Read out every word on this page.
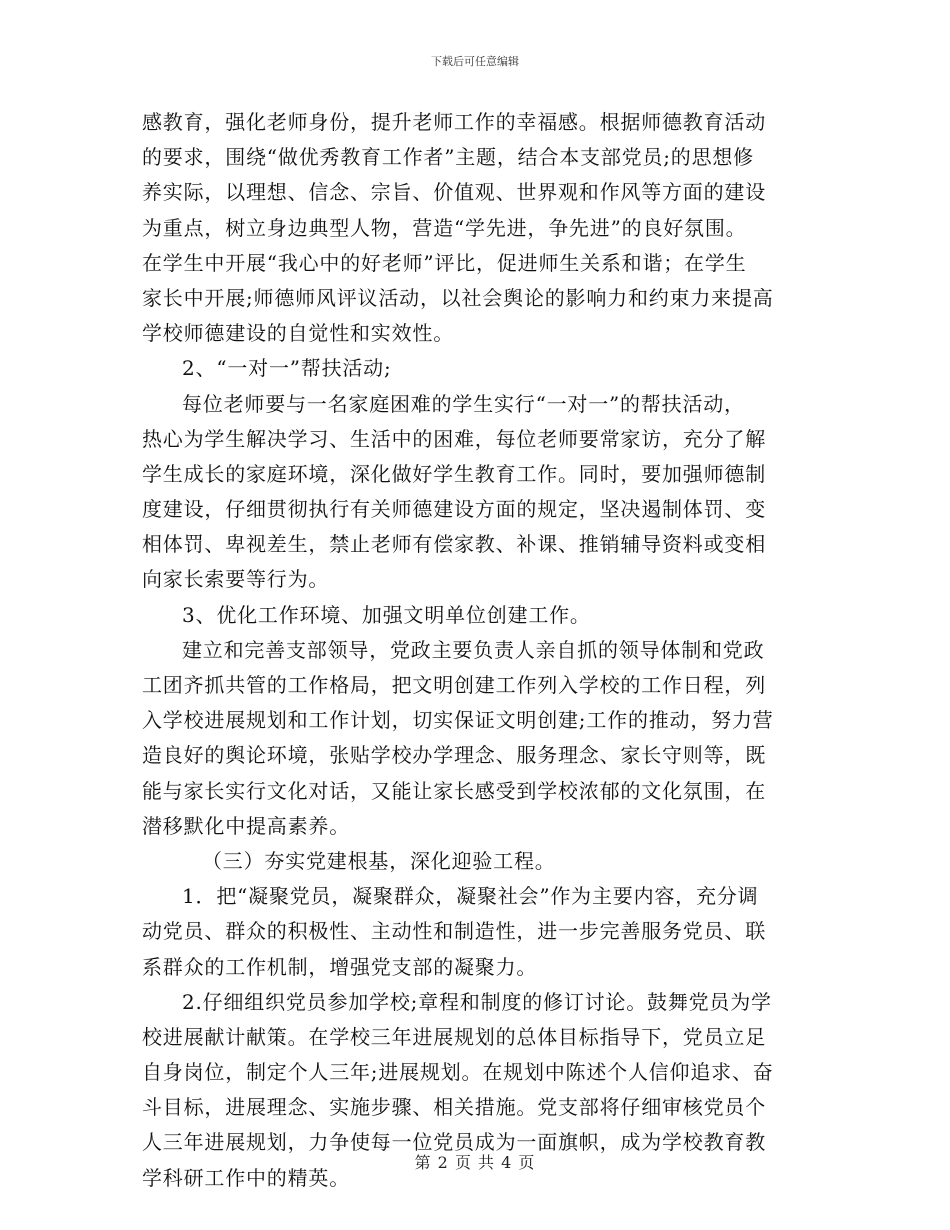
下载后可任意编辑
感教育，强化老师身份，提升老师工作的幸福感。根据师德教育活动
的要求，围绕“做优秀教育工作者”主题，结合本支部党员;的思想修
养实际，以理想、信念、宗旨、价值观、世界观和作风等方面的建设
为重点，树立身边典型人物，营造“学先进，争先进”的良好氛围。
在学生中开展“我心中的好老师”评比，促进师生关系和谐；在学生
家长中开展;师德师风评议活动，以社会舆论的影响力和约束力来提高
学校师德建设的自觉性和实效性。
2、“一对一”帮扶活动;
每位老师要与一名家庭困难的学生实行“一对一”的帮扶活动，
热心为学生解决学习、生活中的困难，每位老师要常家访，充分了解
学生成长的家庭环境，深化做好学生教育工作。同时，要加强师德制
度建设，仔细贯彻执行有关师德建设方面的规定，坚决遏制体罚、变
相体罚、卑视差生，禁止老师有偿家教、补课、推销辅导资料或变相
向家长索要等行为。
3、优化工作环境、加强文明单位创建工作。
建立和完善支部领导，党政主要负责人亲自抓的领导体制和党政
工团齐抓共管的工作格局，把文明创建工作列入学校的工作日程，列
入学校进展规划和工作计划，切实保证文明创建;工作的推动，努力营
造良好的舆论环境，张贴学校办学理念、服务理念、家长守则等，既
能与家长实行文化对话，又能让家长感受到学校浓郁的文化氛围，在
潜移默化中提高素养。
（三）夯实党建根基，深化迎验工程。
1．把“凝聚党员，凝聚群众，凝聚社会”作为主要内容，充分调
动党员、群众的积极性、主动性和制造性，进一步完善服务党员、联
系群众的工作机制，增强党支部的凝聚力。
2.仔细组织党员参加学校;章程和制度的修订讨论。鼓舞党员为学
校进展献计献策。在学校三年进展规划的总体目标指导下，党员立足
自身岗位，制定个人三年;进展规划。在规划中陈述个人信仰追求、奋
斗目标，进展理念、实施步骤、相关措施。党支部将仔细审核党员个
人三年进展规划，力争使每一位党员成为一面旗帜，成为学校教育教
学科研工作中的精英。
第 2 页 共 4 页
